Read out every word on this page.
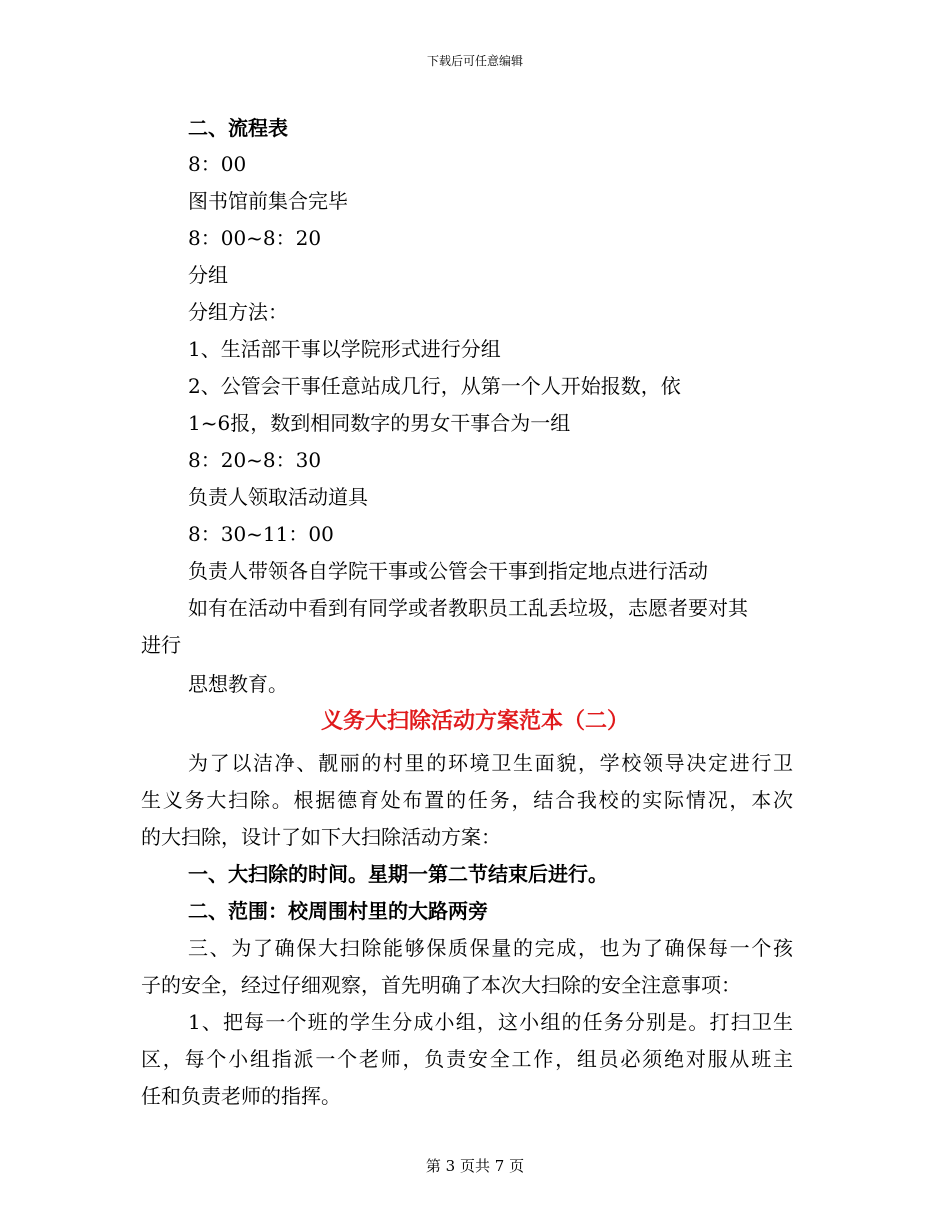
下载后可任意编辑
二、流程表
8：00
图书馆前集合完毕
8：00~8：20
分组
分组方法：
1、生活部干事以学院形式进行分组
2、公管会干事任意站成几行，从第一个人开始报数，依
1~6报，数到相同数字的男女干事合为一组
8：20~8：30
负责人领取活动道具
8：30~11：00
负责人带领各自学院干事或公管会干事到指定地点进行活动
如有在活动中看到有同学或者教职员工乱丢垃圾，志愿者要对其
进行
思想教育。
义务大扫除活动方案范本（二）
为了以洁净、靓丽的村里的环境卫生面貌，学校领导决定进行卫
生义务大扫除。根据德育处布置的任务，结合我校的实际情况，本次
的大扫除，设计了如下大扫除活动方案：
一、大扫除的时间。星期一第二节结束后进行。
二、范围：校周围村里的大路两旁
三、为了确保大扫除能够保质保量的完成，也为了确保每一个孩
子的安全，经过仔细观察，首先明确了本次大扫除的安全注意事项：
1、把每一个班的学生分成小组，这小组的任务分别是。打扫卫生
区，每个小组指派一个老师，负责安全工作，组员必须绝对服从班主
任和负责老师的指挥。
第 3 页共 7 页
